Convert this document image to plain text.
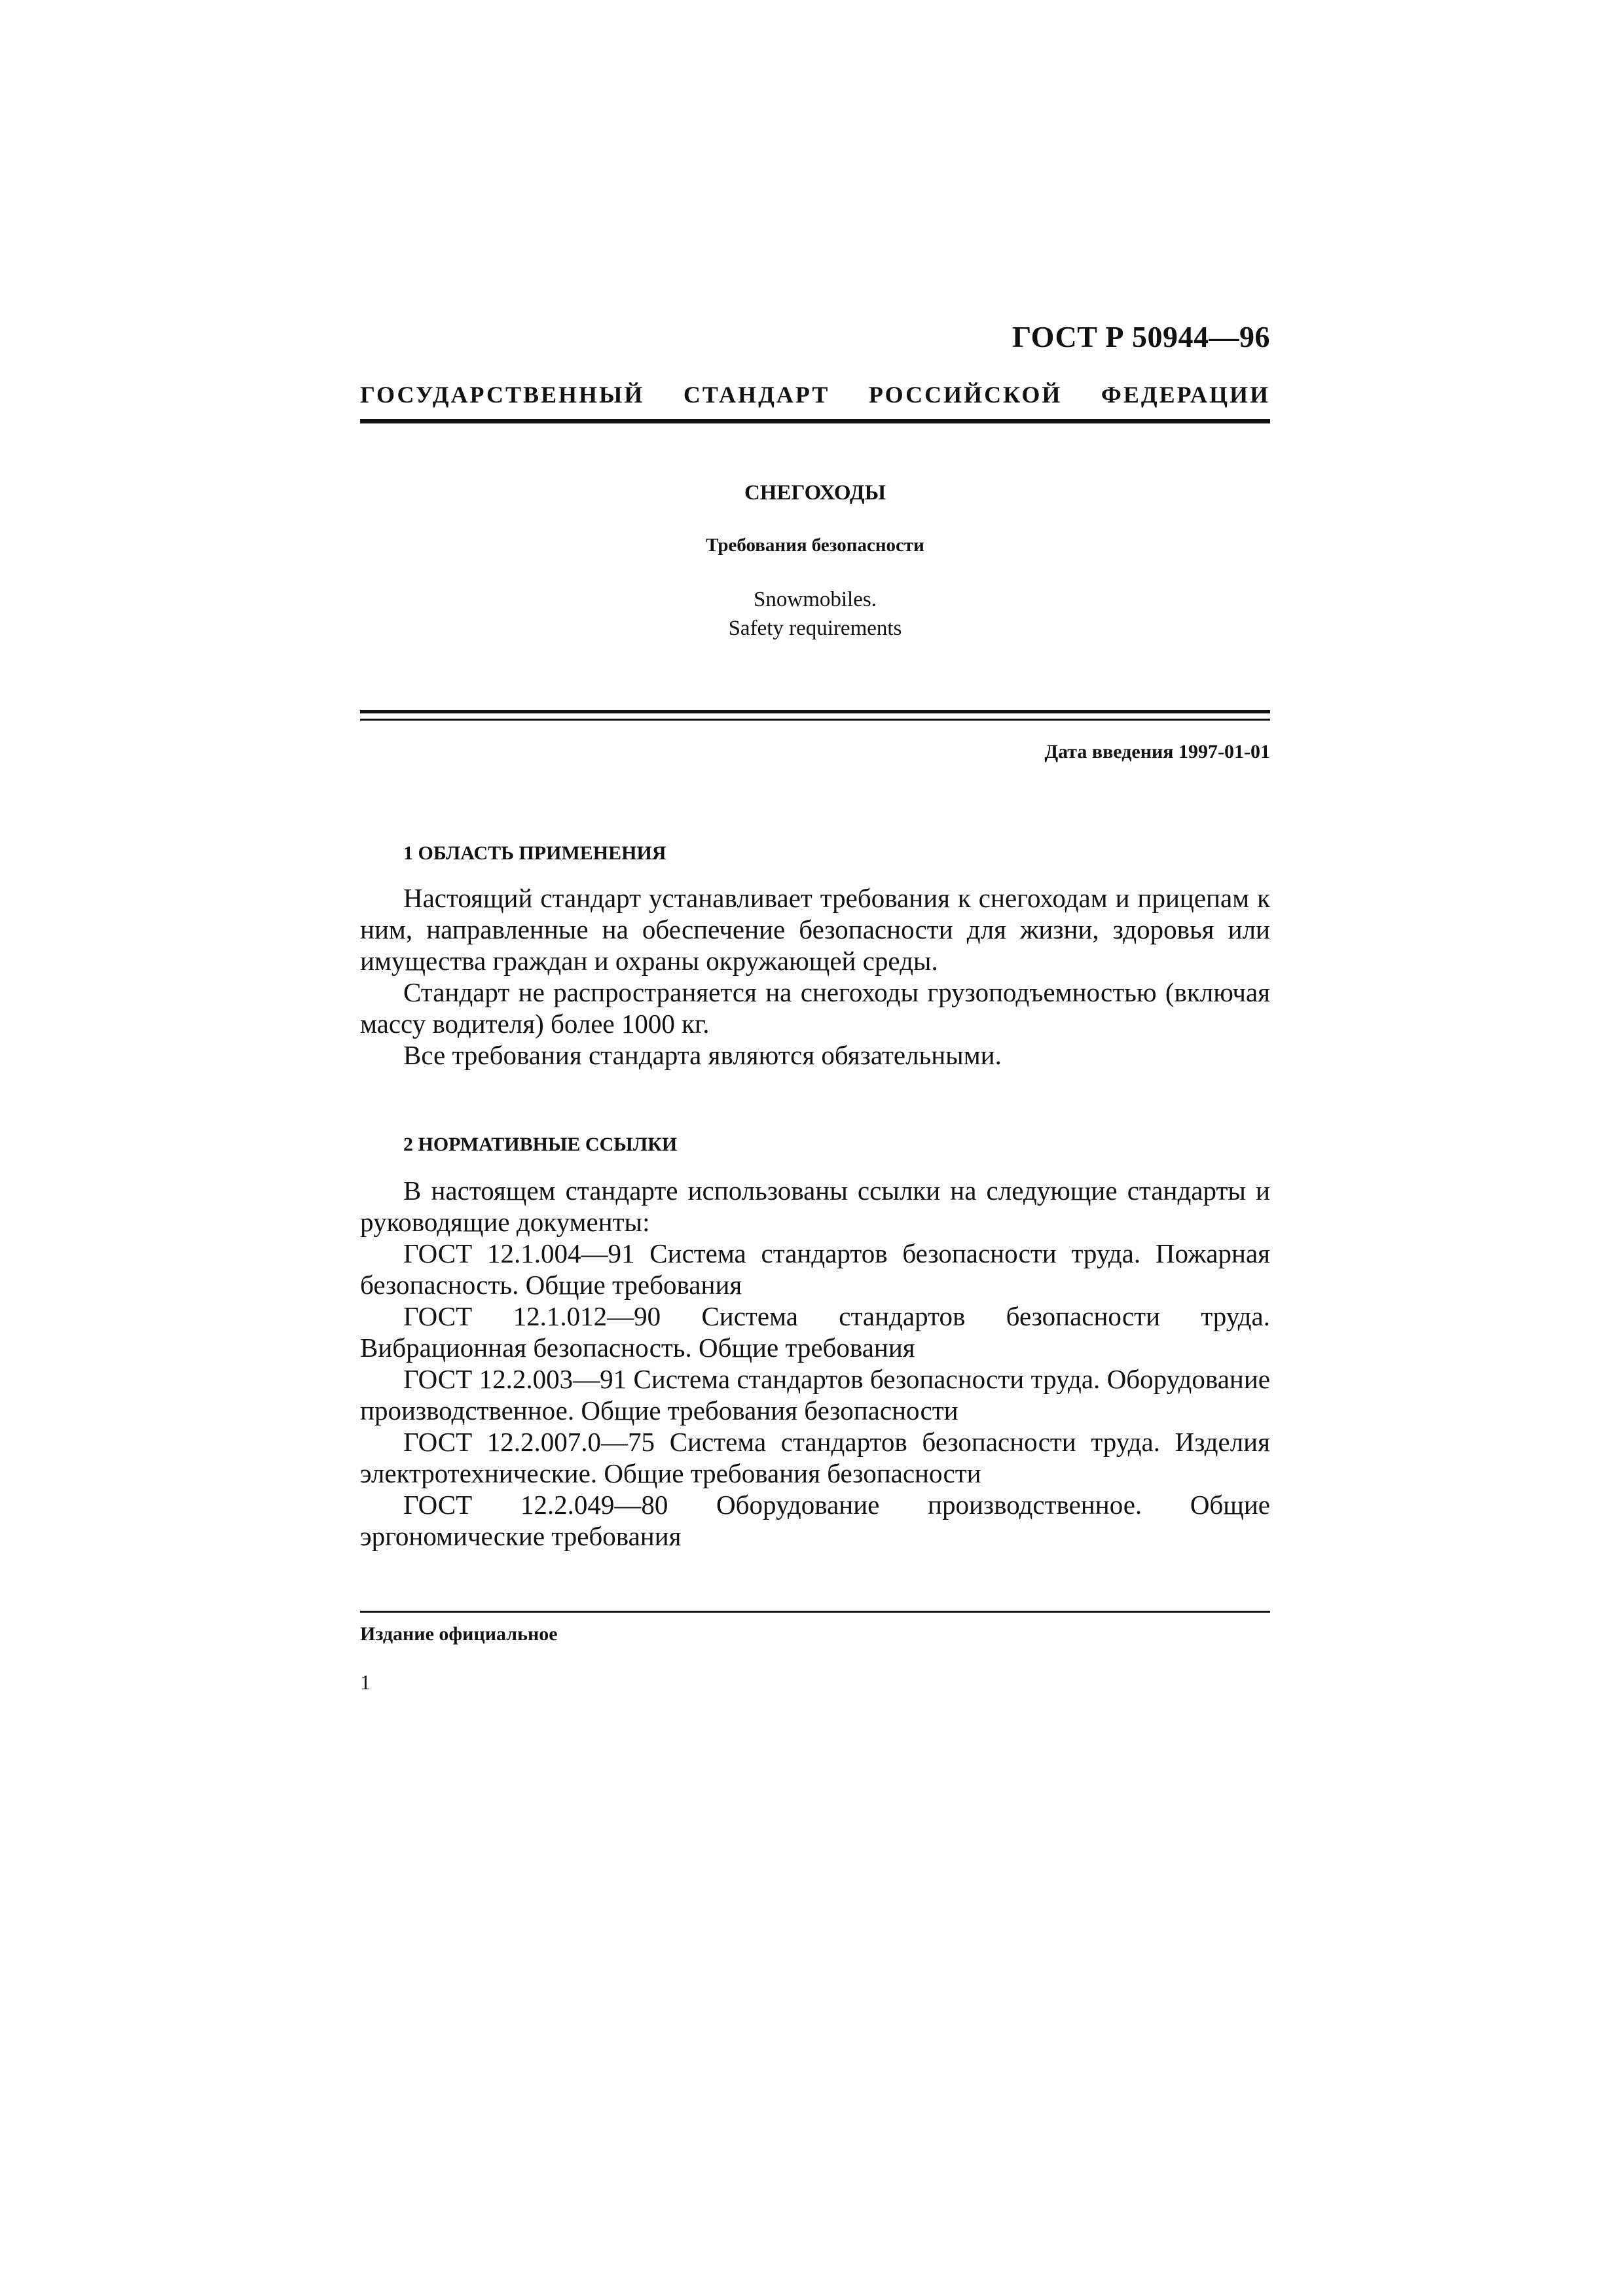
ГОСТ Р 50944—96
ГОСУДАРСТВЕННЫЙ СТАНДАРТ РОССИЙСКОЙ ФЕДЕРАЦИИ
СНЕГОХОДЫ
Требования безопасности
Snowmobiles.
Safety requirements
Дата введения 1997-01-01
1 ОБЛАСТЬ ПРИМЕНЕНИЯ

Настоящий стандарт устанавливает требования к снегоходам и прицепам к ним, направленные на обеспечение безопасности для жизни, здоровья или имущества граждан и охраны окружающей среды.

Стандарт не распространяется на снегоходы грузоподъемностью (включая массу водителя) более 1000 кг.

Все требования стандарта являются обязательными.

2 НОРМАТИВНЫЕ ССЫЛКИ

В настоящем стандарте использованы ссылки на следующие стандарты и руководящие документы:

ГОСТ 12.1.004—91 Система стандартов безопасности труда. Пожарная безопасность. Общие требования

ГОСТ 12.1.012—90 Система стандартов безопасности труда. Вибрационная безопасность. Общие требования

ГОСТ 12.2.003—91 Система стандартов безопасности труда. Оборудование производственное. Общие требования безопасности

ГОСТ 12.2.007.0—75 Система стандартов безопасности труда. Изделия электротехнические. Общие требования безопасности

ГОСТ 12.2.049—80 Оборудование производственное. Общие эргономические требования

Издание официальное
1
